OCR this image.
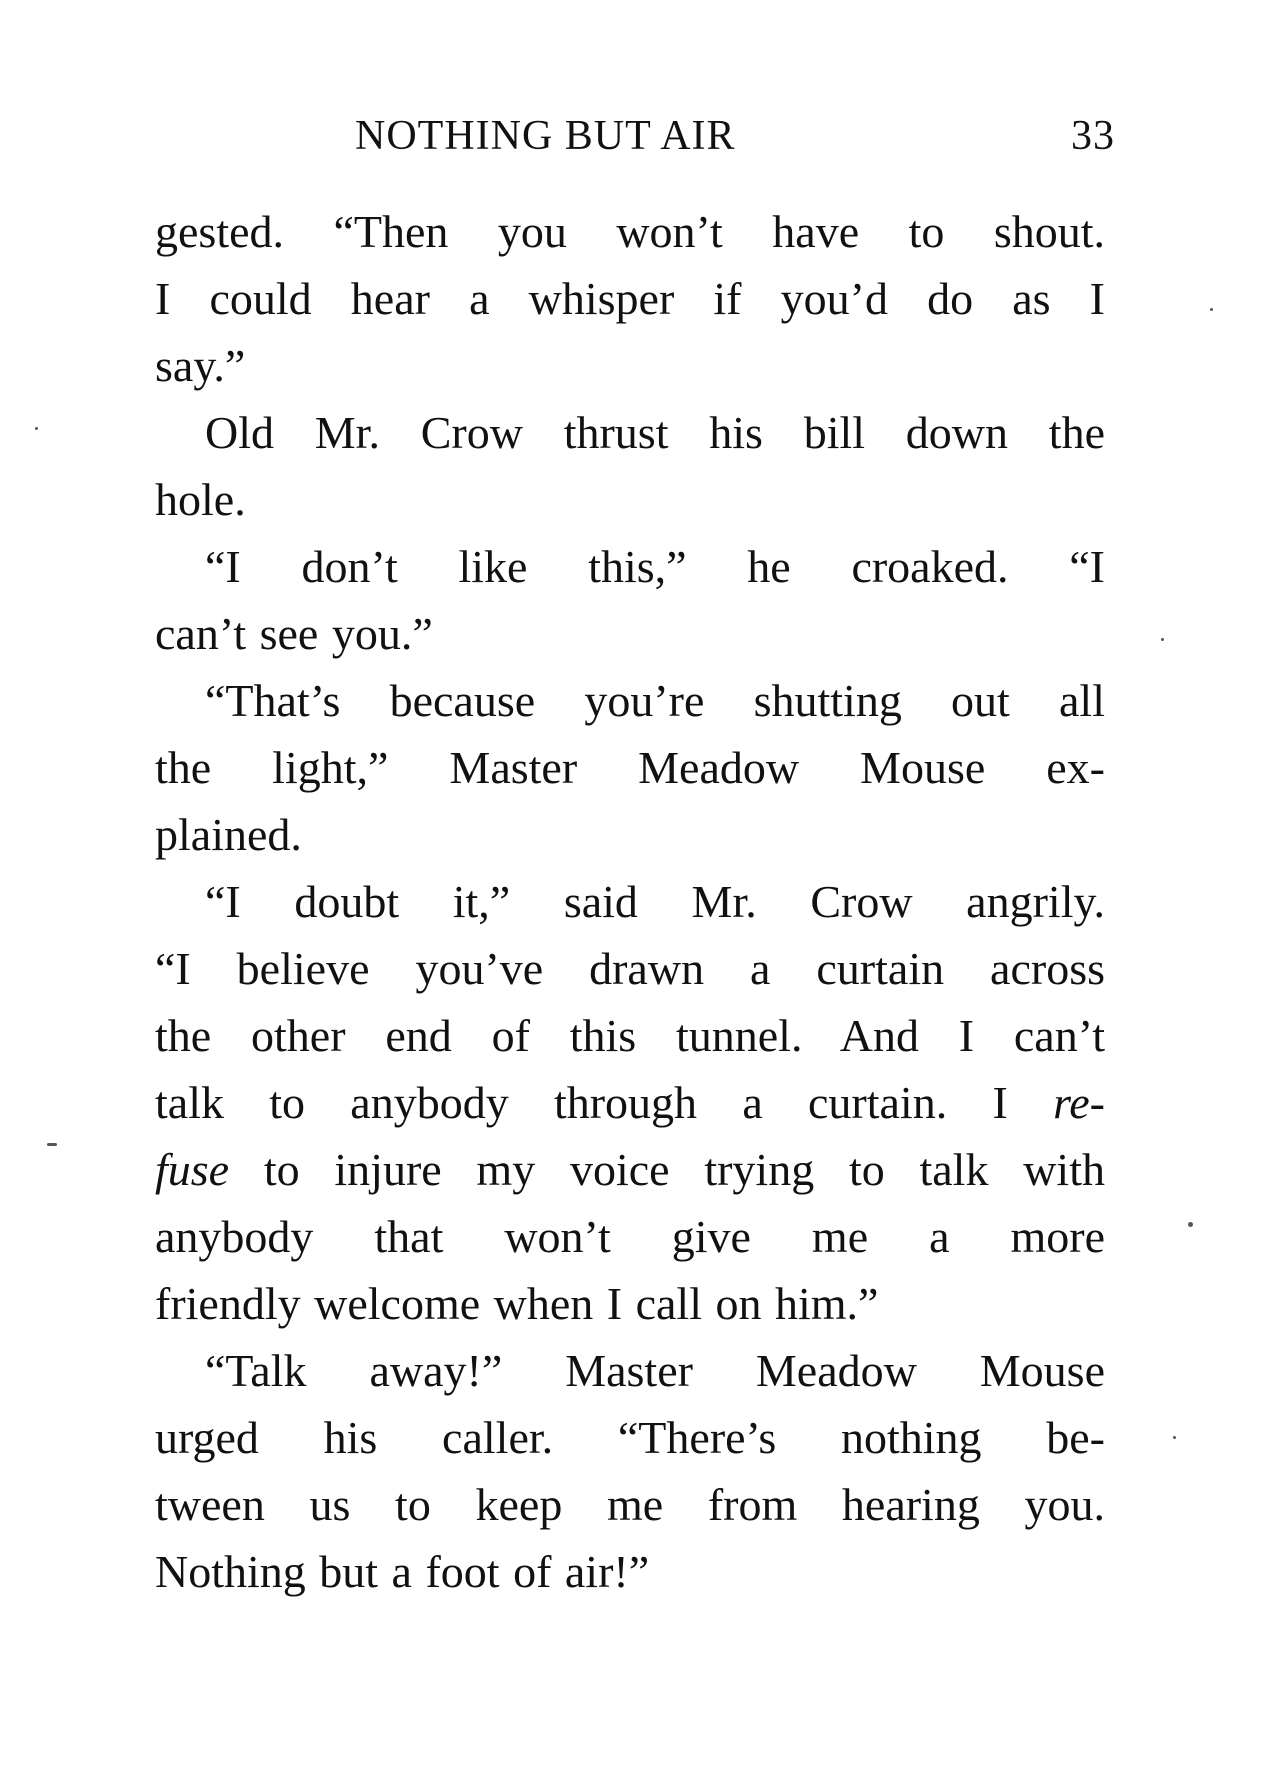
NOTHING BUT AIR	33
gested. “Then you won’t have to shout.
I could hear a whisper if you’d do as I
say.”
Old Mr. Crow thrust his bill down the
hole.
“I don’t like this,” he croaked. “I
can’t see you.”
“That’s because you’re shutting out all
the light,” Master Meadow Mouse ex-
plained.
“I doubt it,” said Mr. Crow angrily.
“I believe you’ve drawn a curtain across
the other end of this tunnel. And I can’t
talk to anybody through a curtain. I re-
fuse to injure my voice trying to talk with
anybody that won’t give me a more
friendly welcome when I call on him.”
“Talk away!” Master Meadow Mouse
urged his caller. “There’s nothing be-
tween us to keep me from hearing you.
Nothing but a foot of air!”
